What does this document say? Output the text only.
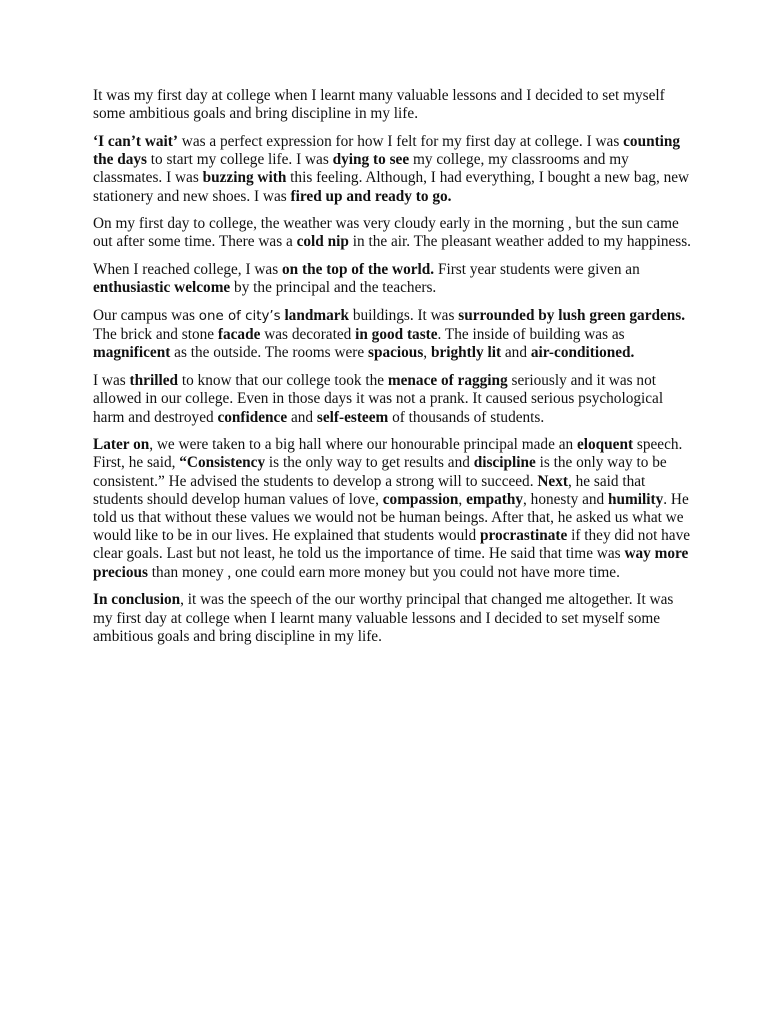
It was my first day at college when I learnt many valuable lessons and I decided to set myself some ambitious goals and bring discipline in my life.

‘I can’t wait’ was a perfect expression for how I felt for my first day at college. I was counting the days to start my college life. I was dying to see my college, my classrooms and my classmates. I was buzzing with this feeling. Although, I had everything, I bought a new bag, new stationery and new shoes. I was fired up and ready to go.

On my first day to college, the weather was very cloudy early in the morning , but the sun came out after some time. There was a cold nip in the air. The pleasant weather added to my happiness.

When I reached college, I was on the top of the world. First year students were given an enthusiastic welcome by the principal and the teachers.

Our campus was one of city’s landmark buildings. It was surrounded by lush green gardens. The brick and stone facade was decorated in good taste. The inside of building was as magnificent as the outside. The rooms were spacious, brightly lit and air-conditioned.

I was thrilled to know that our college took the menace of ragging seriously and it was not allowed in our college. Even in those days it was not a prank. It caused serious psychological harm and destroyed confidence and self-esteem of thousands of students.

Later on, we were taken to a big hall where our honourable principal made an eloquent speech. First, he said, “Consistency is the only way to get results and discipline is the only way to be consistent.” He advised the students to develop a strong will to succeed. Next, he said that students should develop human values of love, compassion, empathy, honesty and humility. He told us that without these values we would not be human beings. After that, he asked us what we would like to be in our lives. He explained that students would procrastinate if they did not have clear goals. Last but not least, he told us the importance of time. He said that time was way more precious than money , one could earn more money but you could not have more time.

In conclusion, it was the speech of the our worthy principal that changed me altogether. It was my first day at college when I learnt many valuable lessons and I decided to set myself some ambitious goals and bring discipline in my life.
